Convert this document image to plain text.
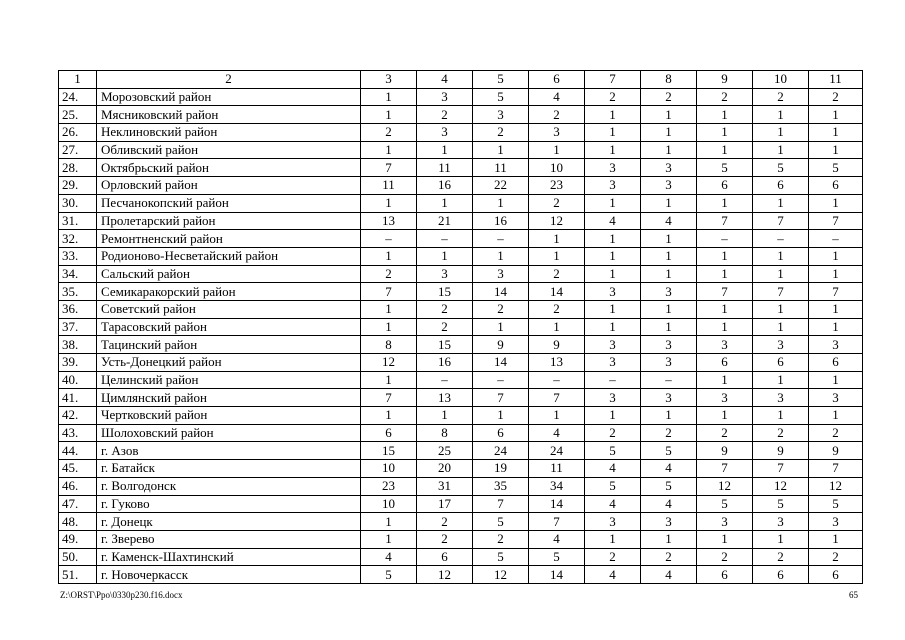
1	2	3	4	5	6	7	8	9	10	11
24.	Морозовский район	1	3	5	4	2	2	2	2	2
25.	Мясниковский район	1	2	3	2	1	1	1	1	1
26.	Неклиновский район	2	3	2	3	1	1	1	1	1
27.	Обливский район	1	1	1	1	1	1	1	1	1
28.	Октябрьский район	7	11	11	10	3	3	5	5	5
29.	Орловский район	11	16	22	23	3	3	6	6	6
30.	Песчанокопский район	1	1	1	2	1	1	1	1	1
31.	Пролетарский район	13	21	16	12	4	4	7	7	7
32.	Ремонтненский район	–	–	–	1	1	1	–	–	–
33.	Родионово-Несветайский район	1	1	1	1	1	1	1	1	1
34.	Сальский район	2	3	3	2	1	1	1	1	1
35.	Семикаракорский район	7	15	14	14	3	3	7	7	7
36.	Советский район	1	2	2	2	1	1	1	1	1
37.	Тарасовский район	1	2	1	1	1	1	1	1	1
38.	Тацинский район	8	15	9	9	3	3	3	3	3
39.	Усть-Донецкий район	12	16	14	13	3	3	6	6	6
40.	Целинский район	1	–	–	–	–	–	1	1	1
41.	Цимлянский район	7	13	7	7	3	3	3	3	3
42.	Чертковский район	1	1	1	1	1	1	1	1	1
43.	Шолоховский район	6	8	6	4	2	2	2	2	2
44.	г. Азов	15	25	24	24	5	5	9	9	9
45.	г. Батайск	10	20	19	11	4	4	7	7	7
46.	г. Волгодонск	23	31	35	34	5	5	12	12	12
47.	г. Гуково	10	17	7	14	4	4	5	5	5
48.	г. Донецк	1	2	5	7	3	3	3	3	3
49.	г. Зверево	1	2	2	4	1	1	1	1	1
50.	г. Каменск-Шахтинский	4	6	5	5	2	2	2	2	2
51.	г. Новочеркасск	5	12	12	14	4	4	6	6	6
Z:\ORST\Ppo\0330p230.f16.docx	65
